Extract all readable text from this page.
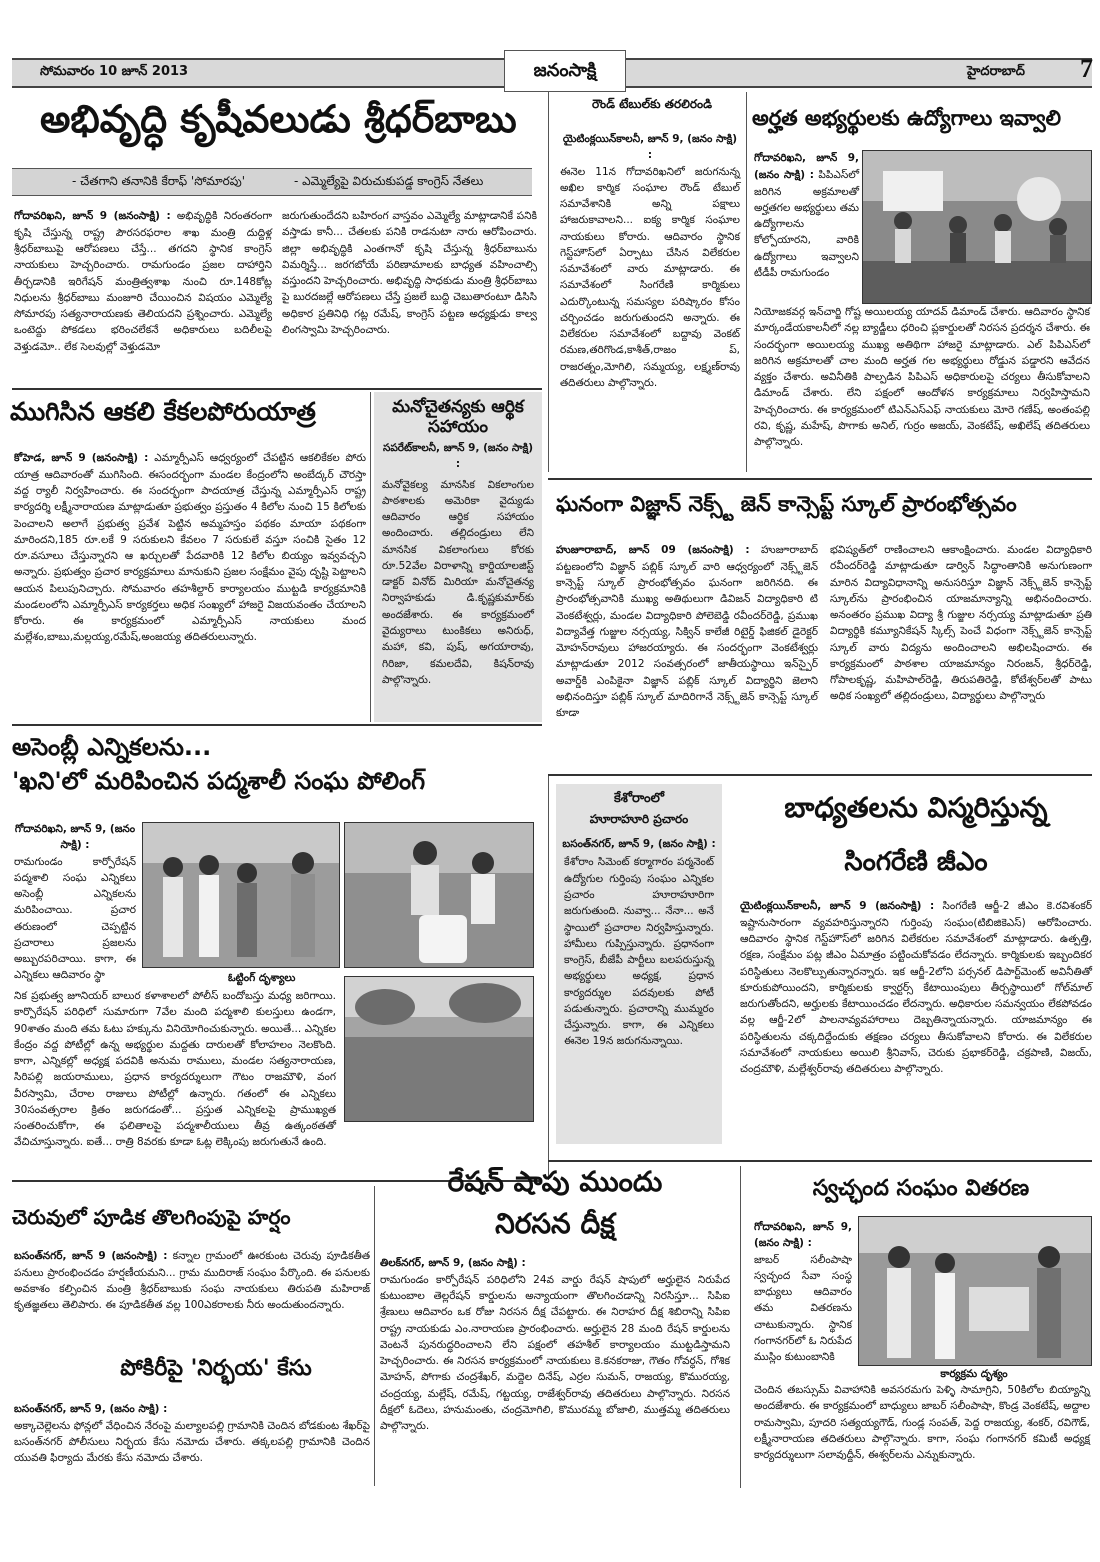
సోమవారం 10 జూన్ 2013	జనంసాక్షి	హైదరాబాద్ 7
అభివృద్ధి కృషీవలుడు శ్రీధర్‌బాబు
- చేతగాని తనానికి కేరాఫ్ 'సోమారపు'	- ఎమ్మెల్యేపై విరుచుకుపడ్డ కాంగ్రెస్ నేతలు
గోదావరిఖని, జూన్ 9 (జనంసాక్షి) : అభివృద్ధికి నిరంతరంగా కృషి చేస్తున్న రాష్ట్ర పౌరసరఫరాల శాఖ మంత్రి దుద్దిళ్ల శ్రీధర్‌బాబుపై ఆరోపణలు చేస్తే... తగదని స్థానిక కాంగ్రెస్ నాయకులు హెచ్చరించారు. రామగుండం ప్రజల దాహార్తిని తీర్చడానికి ఇరిగేషన్ మంత్రిత్వశాఖ నుంచి రూ.148కోట్ల నిధులను శ్రీధర్‌బాబు మంజూరి చేయించిన విషయం ఎమ్మెల్యే సోమారపు సత్యనారాయణకు తెలియదని ప్రశ్నించారు. ఎమ్మెల్యే ఒంటెద్దు పోకడలు భరించలేకనే అధికారులు బదిలీలపై వెళ్తుడమో.. లేక సెలవుల్లో వెళ్తుడమో
జరుగుతుందేదని బహిరంగ వాస్తవం ఎమ్మెల్యే మాట్లాడానికే పనికి వస్తాడు కానీ... చేతలకు పనికి రాడనుటా నారు ఆరోపించారు. జిల్లా అభివృద్ధికి ఎంతగానో కృషి చేస్తున్న శ్రీధర్‌బాబును విమర్శిస్తే... జరగబోయే పరిణామాలకు బాధ్యత వహించాల్సి వస్తుందని హెచ్చరించారు. అభివృద్ధి సాధకుడు మంత్రి శ్రీధర్‌బాబు పై బురదజల్లే ఆరోపణలు చేస్తే ప్రజలే బుద్ధి చెబుతారంటూ డిసిసి అధికార ప్రతినిధి గట్ల రమేష్, కాంగ్రెస్ పట్టణ అధ్యక్షుడు కాల్వ లింగస్వామి హెచ్చరించారు.
ముగిసిన ఆకలి కేకలపోరుయాత్ర
కోహెడ, జూన్ 9 (జనంసాక్షి) : ఎమ్మార్పీఎస్ ఆధ్వర్యంలో చేపట్టిన ఆకలికేకల పోరు యాత్ర ఆదివారంతో ముగిసింది. ఈసందర్భంగా మండల కేంద్రంలోని అంబేద్కర్ చౌరస్తా వద్ద ర్యాలీ నిర్వహించారు. ఈ సందర్భంగా పాదయాత్ర చేస్తున్న ఎమ్మార్పీఎస్ రాష్ట్ర కార్యదర్శి లక్ష్మీనారాయణ మాట్లాడుతూ ప్రభుత్వం ప్రస్తుతం 4 కిలోల నుంచి 15 కిలోలకు పెంచాలని అలాగే ప్రభుత్వ ప్రవేశ పెట్టిన అమ్మహస్తం పథకం మాయా పథకంగా మారిందని,185 రూ.లకే 9 సరుకులని కేవలం 7 సరుకులే వస్తూ సంచికి సైతం 12 రూ.వసూలు చేస్తున్నారని ఆ ఖర్చులతో పేదవారికి 12 కిలోల బియ్యం ఇవ్వవచ్చని అన్నారు. ప్రభుత్వం ప్రచార కార్యక్రమాలు మానుకుని ప్రజల సంక్షేమం వైపు దృష్టి పెట్టాలని ఆయన పిలుపునిచ్చారు. సోమవారం తహశీల్దార్ కార్యాలయం ముట్టడి కార్యక్రమానికి మండలంలోని ఎమ్మార్పీఎస్ కార్యకర్తలు అధిక సంఖ్యలో హాజరై విజయవంతం చేయాలని కోరారు. ఈ కార్యక్రమంలో ఎమ్మార్పీఎస్ నాయకులు మంద మల్లేశం,బాబు,మల్లయ్య,రమేష్,అంజయ్య తదితరులున్నారు.
మనోచైతన్యకు ఆర్థిక సహాయం
సపరేట్‌కాలనీ, జూన్ 9, (జనం సాక్షి) :
మనోవైకల్య మానసిక వికలాంగుల పాఠశాలకు అమెరికా వైద్యుడు ఆదివారం ఆర్థిక సహాయం అందించారు. తల్లిదండ్రులు లేని మానసిక వికలాంగులు కోరకు రూ.52వేల విరాళాన్ని కార్డియాలజిస్ట్ డాక్టర్ వినోద్ మిరియా మనోచైతన్య నిర్వాహకుడు డి.కృష్ణకుమార్‌కు అందజేశారు. ఈ కార్యక్రమంలో వైద్యురాలు టుంకికలు అనిరుధ్, మహా, కవి, పుష్, అగయారావు, గిరిజా, కమలదేవి, కిషన్‌రావు పాల్గొన్నారు.
రౌండ్ టేబుల్‌కు తరలిరండి
యైటింక్లయిన్‌కాలనీ, జూన్ 9, (జనం సాక్షి) :
ఈనెల 11న గోదావరిఖనిలో జరుగనున్న అఖిల కార్మిక సంఘాల రౌండ్ టేబుల్ సమావేశానికి అన్ని పక్షాలు హాజరుకావాలని... ఐక్య కార్మిక సంఘాల నాయకులు కోరారు. ఆదివారం స్థానిక గెస్ట్‌హౌస్‌లో ఏర్పాటు చేసిన విలేకరుల సమావేశంలో వారు మాట్లాడారు. ఈ సమావేశంలో సింగరేణి కార్మికులు ఎదుర్కొంటున్న సమస్యల పరిష్కారం కోసం చర్చించడం జరుగుతుందని అన్నారు. ఈ విలేకరుల సమావేశంలో బద్దావు వెంకట్ రమణ,తరిగొండ,కాశీత్,రాజం ప్, రాజరత్నం,మోగిలి, సమ్మయ్య, లక్ష్మణ్‌రావు తదితరులు పాల్గొన్నారు.
అర్హత అభ్యర్థులకు ఉద్యోగాలు ఇవ్వాలి
గోదావరిఖని, జూన్ 9, (జనం సాక్షి) : పిపిఎస్‌లో జరిగిన అక్రమాలతో అర్హతగల అభ్యర్థులు తమ ఉద్యోగాలను కోల్పోయారని, వారికి ఉద్యోగాలు ఇవ్వాలని టీడీపీ రామగుండం
నియోజకవర్గ ఇన్‌చార్జి గోష్ట అయిలయ్య యాదవ్ డిమాండ్ చేశారు. ఆదివారం స్థానిక మార్కండేయకాలనీలో నల్ల బ్యాడ్జీలు ధరించి ప్లకార్డులతో నిరసన ప్రదర్శన చేశారు. ఈ సందర్భంగా అయిలయ్య ముఖ్య అతిథిగా హాజరై మాట్లాడారు. ఎల్ పిపిఎస్‌లో జరిగిన అక్రమాలతో చాల మంది అర్హత గల అభ్యర్థులు రోడ్డున పడ్డారని ఆవేదన వ్యక్తం చేశారు. అవినీతికి పాల్పడిన పిపిఎస్‌ అధికారులపై చర్యలు తీసుకోవాలని డిమాండ్ చేశారు. లేని పక్షంలో ఆందోళన కార్యక్రమాలు నిర్వహిస్తామని హెచ్చరించారు. ఈ కార్యక్రమంలో టిఎన్ఎస్ఎఫ్ నాయకులు మోరె గణేష్, అంతంపల్లి రవి, కృష్ణ, మహేష్, పొగాకు అనిల్, గుర్రం అజయ్, వెంకటేష్, అఖిలేష్ తదితరులు పాల్గొన్నారు.
ఘనంగా విజ్ఞాన్ నెక్స్ట్ జెన్ కాన్సెప్ట్ స్కూల్ ప్రారంభోత్సవం
హుజూరాబాద్, జూన్ 09 (జనంసాక్షి) : హుజూరాబాద్ పట్టణంలోని విజ్ఞాన్ పబ్లిక్ స్కూల్ వారి ఆధ్వర్యంలో నెక్స్ట్‌జెన్ కాన్సెప్ట్ స్కూల్ ప్రారంభోత్సవం ఘనంగా జరిగినది. ఈ ప్రారంభోత్సవానికి ముఖ్య అతిథులుగా డివిజన్ విద్యాధికారి టి వెంకటేశ్వర్లు, మండల విద్యాధికారి పోలెబెడ్డి రవీందర్‌రెడ్డి, ప్రముఖ విద్యావేత్త గుజ్జుల నర్సయ్య, సిక్విన్ కాలేజీ రిటైర్డ్ ఫిజికల్ డైరెక్టర్ మోహన్‌రావులు హాజరయ్యారు. ఈ సందర్భంగా వెంకటేశ్వర్లు మాట్లాడుతూ 2012 సంవత్సరంలో జాతీయస్థాయి ఇన్‌స్పైర్ అవార్డ్‌కి ఎంపికైనా విజ్ఞాన్ పబ్లిక్ స్కూల్ విద్యార్థిని జెలాని అభినందిస్తూ పబ్లిక్ స్కూల్ మాదిరిగానే నెక్స్ట్‌జెన్ కాన్సెప్ట్ స్కూల్ కూడా
భవిష్యత్‌లో రాణించాలని ఆకాంక్షించారు. మండల విద్యాధికారి రవీందర్‌రెడ్డి మాట్లాడుతూ డార్విన్ సిద్ధాంతానికి అనుగుణంగా మారిన విద్యావిధానాన్ని అనుసరిస్తూ విజ్ఞాన్ నెక్స్ట్‌జెన్ కాన్సెప్ట్ స్కూల్‌ను ప్రారంభించిన యాజమాన్యాన్ని అభినందించారు. అనంతరం ప్రముఖ విద్యా శ్రీ గుజ్జుల నర్సయ్య మాట్లాడుతూ ప్రతి విద్యార్థికి కమ్యూనికేషన్ స్కిల్స్ పెంచే విధంగా నెక్స్ట్‌జెన్ కాన్సెప్ట్ స్కూల్ వారు విద్యను అందించాలని అభిలషించారు. ఈ కార్యక్రమంలో పాఠశాల యాజమాన్యం నిరంజన్, శ్రీధర్‌రెడ్డి, గోపాలకృష్ణ, మహిపాల్‌రెడ్డి, తిరుపతిరెడ్డి, కోటేశ్వర్‌లతో పాటు అధిక సంఖ్యలో తల్లిదండ్రులు, విద్యార్థులు పాల్గొన్నారు
అసెంబ్లీ ఎన్నికలను...
'ఖని'లో మరిపించిన పద్మశాలీ సంఘ పోలింగ్
గోదావరిఖని, జూన్ 9, (జనం సాక్షి) :
రామగుండం కార్పోరేషన్ పద్మశాలి సంఘ ఎన్నికలు అసెంబ్లీ ఎన్నికలను మరిపించాయి. ప్రచార తరుణంలో చెప్పట్టిన ప్రచారాలు ప్రజలను అబ్బురపరిచాయి. కాగా, ఈ ఎన్నికలు ఆదివారం స్థా	ఓట్టింగ్ దృశ్యాలు
నిక ప్రభుత్వ జూనియర్ బాలుర కళాశాలలో పోలీస్ బందోబస్తు మధ్య జరిగాయి. కార్పొరేషన్ పరిధిలో సుమారుగా 7వేల మంది పద్మశాలి కులస్తులు ఉండగా, 90శాతం మంది తమ ఓటు హక్కును వినియోగించుకున్నారు. అయితే... ఎన్నికల కేంద్రం వద్ద పోటీల్లో ఉన్న అభ్యర్థుల మద్దతు దారులతో కోలాహలం నెలకొంది. కాగా, ఎన్నికల్లో అధ్యక్ష పదవికి అనుమ రాములు, మండల సత్యనారాయణ, సిరిపల్లి జయరాములు, ప్రధాన కార్యదర్శులుగా గౌటం రాజమౌళి, వంగ వీరస్వామి, చేరాల రాజులు పోటీల్లో ఉన్నారు. గతంలో ఈ ఎన్నికలు 30సంవత్సరాల క్రితం జరుగడంతో... ప్రస్తుత ఎన్నికలపై ప్రాముఖ్యత సంతరించుకోగా, ఈ ఫలితాలపై పద్మశాలీయులు తీవ్ర ఉత్కంఠతతో వేచిచూస్తున్నారు. ఐతే... రాత్రి 8వరకు కూడా ఓట్ల లెక్కింపు జరుగుతునే ఉంది.
కేశోరాంలో
హూరాహూరి ప్రచారం
బసంత్‌నగర్, జూన్ 9, (జనం సాక్షి) :
కేశోరాం సిమెంట్ కర్మాగారం పర్మనెంట్ ఉద్యోగుల గుర్తింపు సంఘం ఎన్నికల ప్రచారం హూరాహూరిగా జరుగుతుంది. నువ్వా... నేనా... అనే స్థాయిలో ప్రచారాల నిర్వహిస్తున్నారు. హామీలు గుప్పిస్తున్నారు. ప్రధానంగా కాంగ్రెస్, బీజేపీ పార్టీలు బలపరుస్తున్న అభ్యర్థులు అధ్యక్ష, ప్రధాన కార్యదర్శుల పదవులకు పోటీ పడుతున్నారు. ప్రచారాన్ని ముమ్మరం చేస్తున్నారు. కాగా, ఈ ఎన్నికలు ఈనెల 19న జరుగనున్నాయి.
బాధ్యతలను విస్మరిస్తున్న
సింగరేణి జీఎం
యైటింక్లయిన్‌కాలనీ, జూన్ 9 (జనంసాక్షి) : సింగరేణి ఆర్జీ-2 జీఎం కె.రవిశంకర్ ఇష్టానుసారంగా వ్యవహరిస్తున్నారని గుర్తింపు సంఘం(టిబిజికెఎస్) ఆరోపించారు. ఆదివారం స్థానిక గెస్ట్‌హౌస్‌లో జరిగిన విలేకరుల సమావేశంలో మాట్లాడారు. ఉత్పత్తి, రక్షణ, సంక్షేమం పట్ల జీఎం ఏమాత్రం పట్టించుకోవడం లేదన్నారు. కార్మికులకు ఇబ్బందికర పరిస్థితులు నెలకొల్పుతున్నారన్నారు. ఇక ఆర్జీ-2లోని పర్సనల్ డిపార్ట్‌మెంట్ అవినీతితో కూరుకుపోయిందని, కార్మికులకు క్వార్టర్స్ కేటాయింపులు తీర్చస్థాయిలో గోల్‌మాల్ జరుగుతోందని, అర్హులకు కేటాయించడం లేదన్నారు. అధికారుల సమన్వయం లేకపోవడం వల్ల ఆర్జీ-2లో పాలనావ్యవహారాలు దెబ్బతిన్నాయన్నారు. యాజమాన్యం ఈ పరిస్థితులను చక్కదిద్దేందుకు తక్షణం చర్యలు తీసుకోవాలని కోరారు. ఈ విలేకరుల సమావేశంలో నాయకులు అయిలి శ్రీనివాస్, చెరుకు ప్రభాకర్‌రెడ్డి, చక్రపాణి, విజయ్, చంద్రమౌళి, మల్లేశ్వర్‌రావు తదితరులు పాల్గొన్నారు.
చెరువులో పూడిక తొలగింపుపై హర్షం
బసంత్‌నగర్, జూన్ 9 (జనంసాక్షి) : కన్నాల గ్రామంలో ఊరకుంట చెరువు పూడికతీత పనులు ప్రారంభించడం హర్షణీయమని... గ్రామ ముదిరాజ్ సంఘం పేర్కొంది. ఈ పనులకు అవకాశం కల్పించిన మంత్రి శ్రీధర్‌బాబుకు సంఘ నాయకులు తిరుపతి మహిరాజ్ కృతజ్ఞతలు తెలిపారు. ఈ పూడికతీత వల్ల 100ఎకరాలకు నీరు అందుతుందన్నారు.
పోకిరీపై 'నిర్భయ' కేసు
బసంత్‌నగర్, జూన్ 9, (జనం సాక్షి) :
అక్కాచెల్లెలను ఫోన్లలో వేధించిన నేరంపై మల్యాలపల్లి గ్రామానికి చెందిన బోడకుంట శేఖర్‌పై బసంత్‌నగర్ పోలీసులు నిర్భయ కేసు నమోదు చేశారు. తక్కలపల్లి గ్రామానికి చెందిన యువతి ఫిర్యాదు మేరకు కేసు నమోదు చేశారు.
రేషన్ షాపు ముందు
నిరసన దీక్ష
తిలక్‌నగర్, జూన్ 9, (జనం సాక్షి) :
రామగుండం కార్పోరేషన్ పరిధిలోని 24వ వార్డు రేషన్ షాపులో అర్హులైన నిరుపేద కుటుంబాల తెల్లరేషన్ కార్డులను అన్యాయంగా తొలగించడాన్ని నిరసిస్తూ... సిపిఐ శ్రేణులు ఆదివారం ఒక రోజు నిరసన దీక్ష చేపట్టారు. ఈ నిరాహర దీక్ష శిబిరాన్ని సిపిఐ రాష్ట్ర నాయకుడు ఎం.నారాయణ ప్రారంభించారు. అర్హులైన 28 మంది రేషన్ కార్డులను వెంటనే పునరుద్ధరించాలని లేని పక్షంలో తహశీల్ కార్యాలయం ముట్టడిస్తామని హెచ్చరించారు. ఈ నిరసన కార్యక్రమంలో నాయకులు కె.కనకరాజు, గౌతం గోవర్ధన్, గోశిక మోహన్, పోగాకు చంద్రశేఖర్, మద్దెల దినేష్, ఎర్రల సుమన్, రాజయ్య, కొమురయ్య, చంద్రయ్య, మల్లేష్, రమేష్, గట్టయ్య, రాజేశ్వర్‌రావు తదితరులు పాల్గొన్నారు. నిరసన దీక్షలో ఓదెలు, హనుమంతు, చంద్రమోగిలి, కొమురమ్మ బోజాలి, ముత్తమ్మ తదితరులు పాల్గొన్నారు.
స్వచ్ఛంద సంఘం వితరణ
గోదావరిఖని, జూన్ 9, (జనం సాక్షి) :
జాబర్ సలీంపాషా స్వచ్ఛంద సేవా సంస్థ బాధ్యులు ఆదివారం తమ వితరణను చాటుకున్నారు. స్థానిక గంగానగర్‌లో ఓ నిరుపేద ముస్లిం కుటుంబానికి
కార్యక్రమ దృశ్యం
చెందిన తబస్సుమ్ వివాహానికి అవసరమగు పెళ్ళి సామాగ్రిని, 50కిలోల బియ్యాన్ని అందజేశారు. ఈ కార్యక్రమంలో బాధ్యులు జాబర్ సలీంపాషా, కొండ్ర వెంకటేష్, అద్దాల రామస్వామి, పూదరి సత్యయ్యగౌడ్, గుండ్ల సంపత్, పెద్ద రాజయ్య, శంకర్, రవిగౌడ్, లక్ష్మీనారాయణ తదితరులు పాల్గొన్నారు. కాగా, సంఘ గంగానగర్ కమిటీ అధ్యక్ష కార్యదర్శులుగా సలావుద్దీన్, ఈశ్వర్‌లను ఎన్నుకున్నారు.
